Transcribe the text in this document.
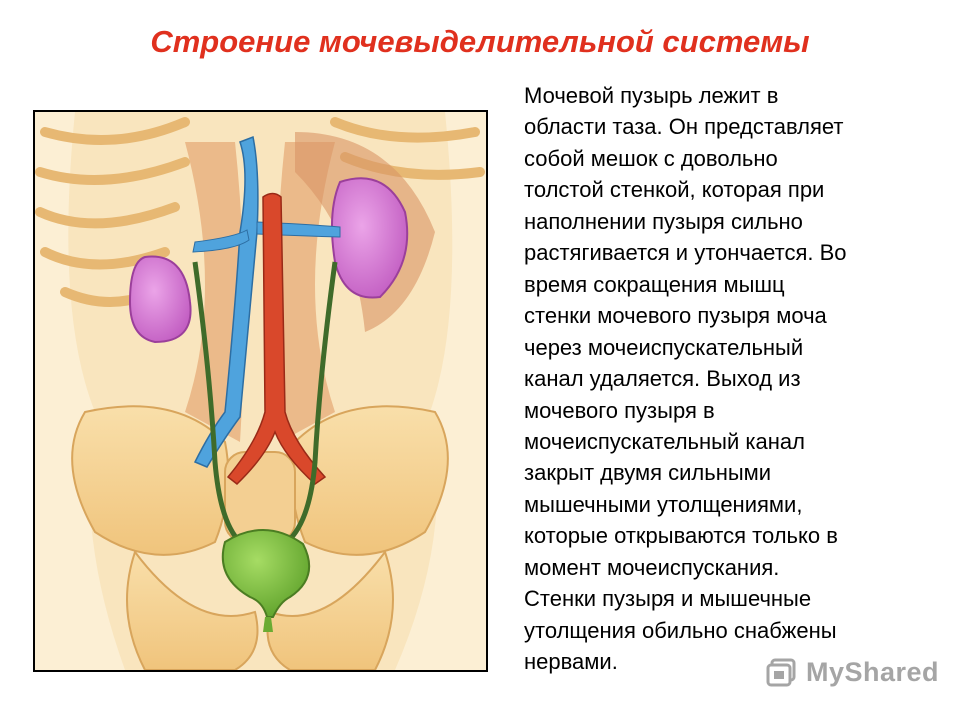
Строение мочевыделительной системы

Мочевой пузырь лежит в
области таза. Он представляет
собой мешок с довольно
толстой стенкой, которая при
наполнении пузыря сильно
растягивается и утончается. Во
время сокращения мышц
стенки мочевого пузыря моча
через мочеиспускательный
канал удаляется. Выход из
мочевого пузыря в
мочеиспускательный канал
закрыт двумя сильными
мышечными утолщениями,
которые открываются только в
момент мочеиспускания.
Стенки пузыря и мышечные
утолщения обильно снабжены
нервами.	MyShared
